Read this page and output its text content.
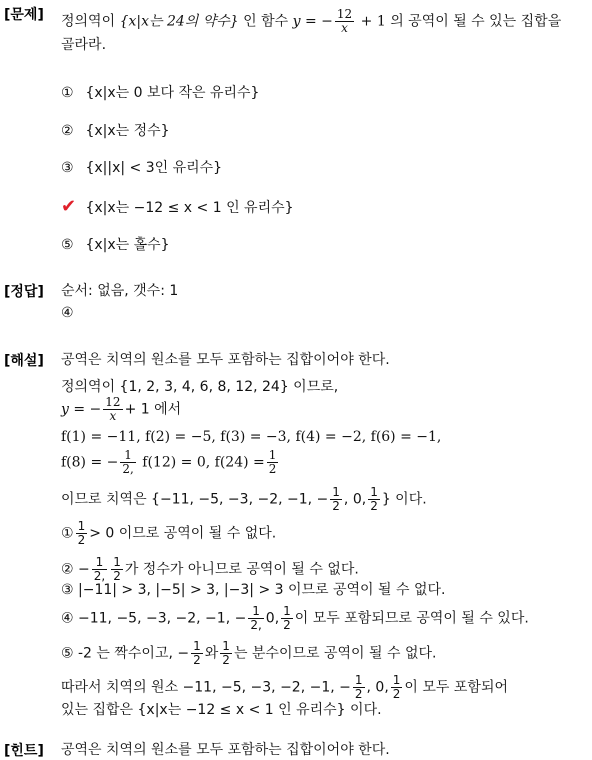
[문제] 정의역이 {x|x는 24의 약수} 인 함수 y = − $\frac{12}{x} + 1$ 의 공역이 될 수 있는 집합을
골라라.
① {x|x는 0 보다 작은 유리수}
② {x|x는 정수}
③ {x||x| < 3인 유리수}
✔ {x|x는 −12 ≤ x < 1 인 유리수}
⑤ {x|x는 홀수}
[정답] 순서: 없음, 갯수: 1
④
[해설] 공역은 치역의 원소를 모두 포함하는 집합이어야 한다.
정의역이 {1, 2, 3, 4, 6, 8, 12, 24} 이므로,
y = − $\frac{12}{x} + 1$ 에서
f(1) = −11, f(2) = −5, f(3) = −3, f(4) = −2, f(6) = −1,
f(8) = − $\frac{1}{2,} f(12) = 0$, $f(24) = \frac{1}{2}$
이므로 치역은 {−11, −5, −3, −2, −1, − $\frac{1}{2}$ , 0, $\frac{1}{2}$ } 이다.
① $\frac{1}{2} > 0$ 이므로 공역이 될 수 없다.
② − $\frac{1}{2,} \frac{1}{2}$ 가 정수가 아니므로 공역이 될 수 없다.
③ |−11| > 3, |−5| > 3, |−3| > 3 이므로 공역이 될 수 없다.
④ −11, −5, −3, −2, −1, − $\frac{1}{2,} 0$, $\frac{1}{2}$ 이 모두 포함되므로 공역이 될 수 있다.
⑤ -2 는 짝수이고, − $\frac{1}{2}$ 와 $\frac{1}{2}$ 는 분수이므로 공역이 될 수 없다.
따라서 치역의 원소 −11, −5, −3, −2, −1, − $\frac{1}{2}$ , 0, $\frac{1}{2}$ 이 모두 포함되어
있는 집합은 {x|x는 −12 ≤ x < 1 인 유리수} 이다.
[힌트] 공역은 치역의 원소를 모두 포함하는 집합이어야 한다.
